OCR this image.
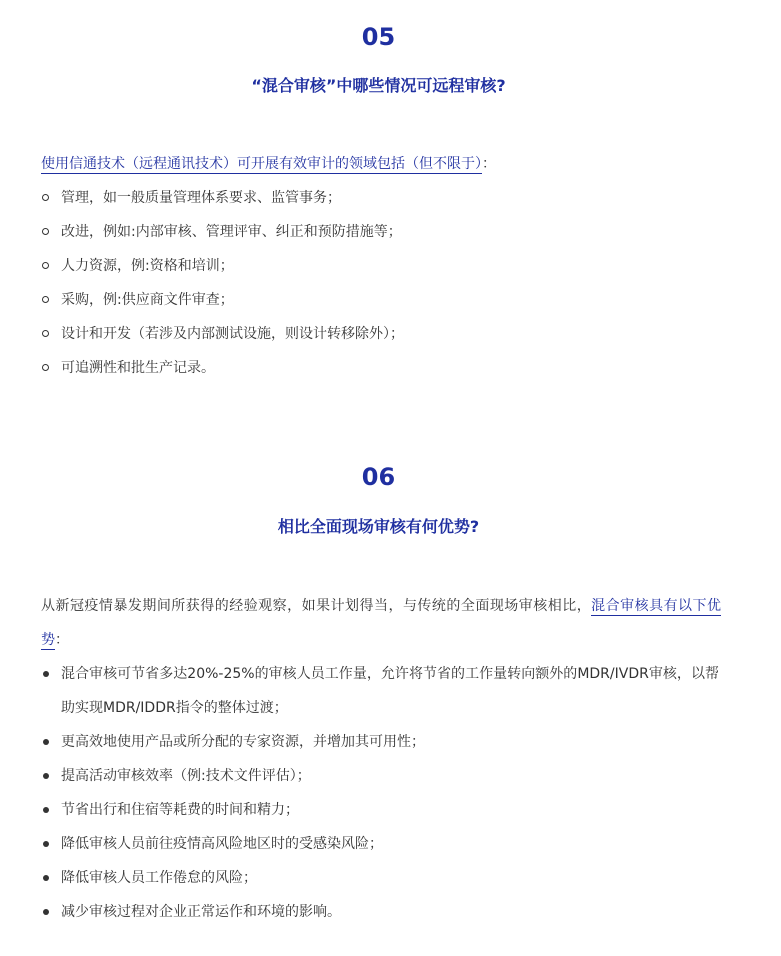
05
“混合审核”中哪些情况可远程审核?
使用信通技术（远程通讯技术）可开展有效审计的领域包括（但不限于）：
管理，如一般质量管理体系要求、监管事务；
改进，例如:内部审核、管理评审、纠正和预防措施等；
人力资源，例:资格和培训；
采购，例:供应商文件审查；
设计和开发（若涉及内部测试设施，则设计转移除外）；
可追溯性和批生产记录。
06
相比全面现场审核有何优势?
从新冠疫情暴发期间所获得的经验观察，如果计划得当，与传统的全面现场审核相比，混合审核具有以下优势：
混合审核可节省多达20%-25%的审核人员工作量，允许将节省的工作量转向额外的MDR/IVDR审核，以帮助实现MDR/IDDR指令的整体过渡；
更高效地使用产品或所分配的专家资源，并增加其可用性；
提高活动审核效率（例:技术文件评估）；
节省出行和住宿等耗费的时间和精力；
降低审核人员前往疫情高风险地区时的受感染风险；
降低审核人员工作倦怠的风险；
减少审核过程对企业正常运作和环境的影响。
